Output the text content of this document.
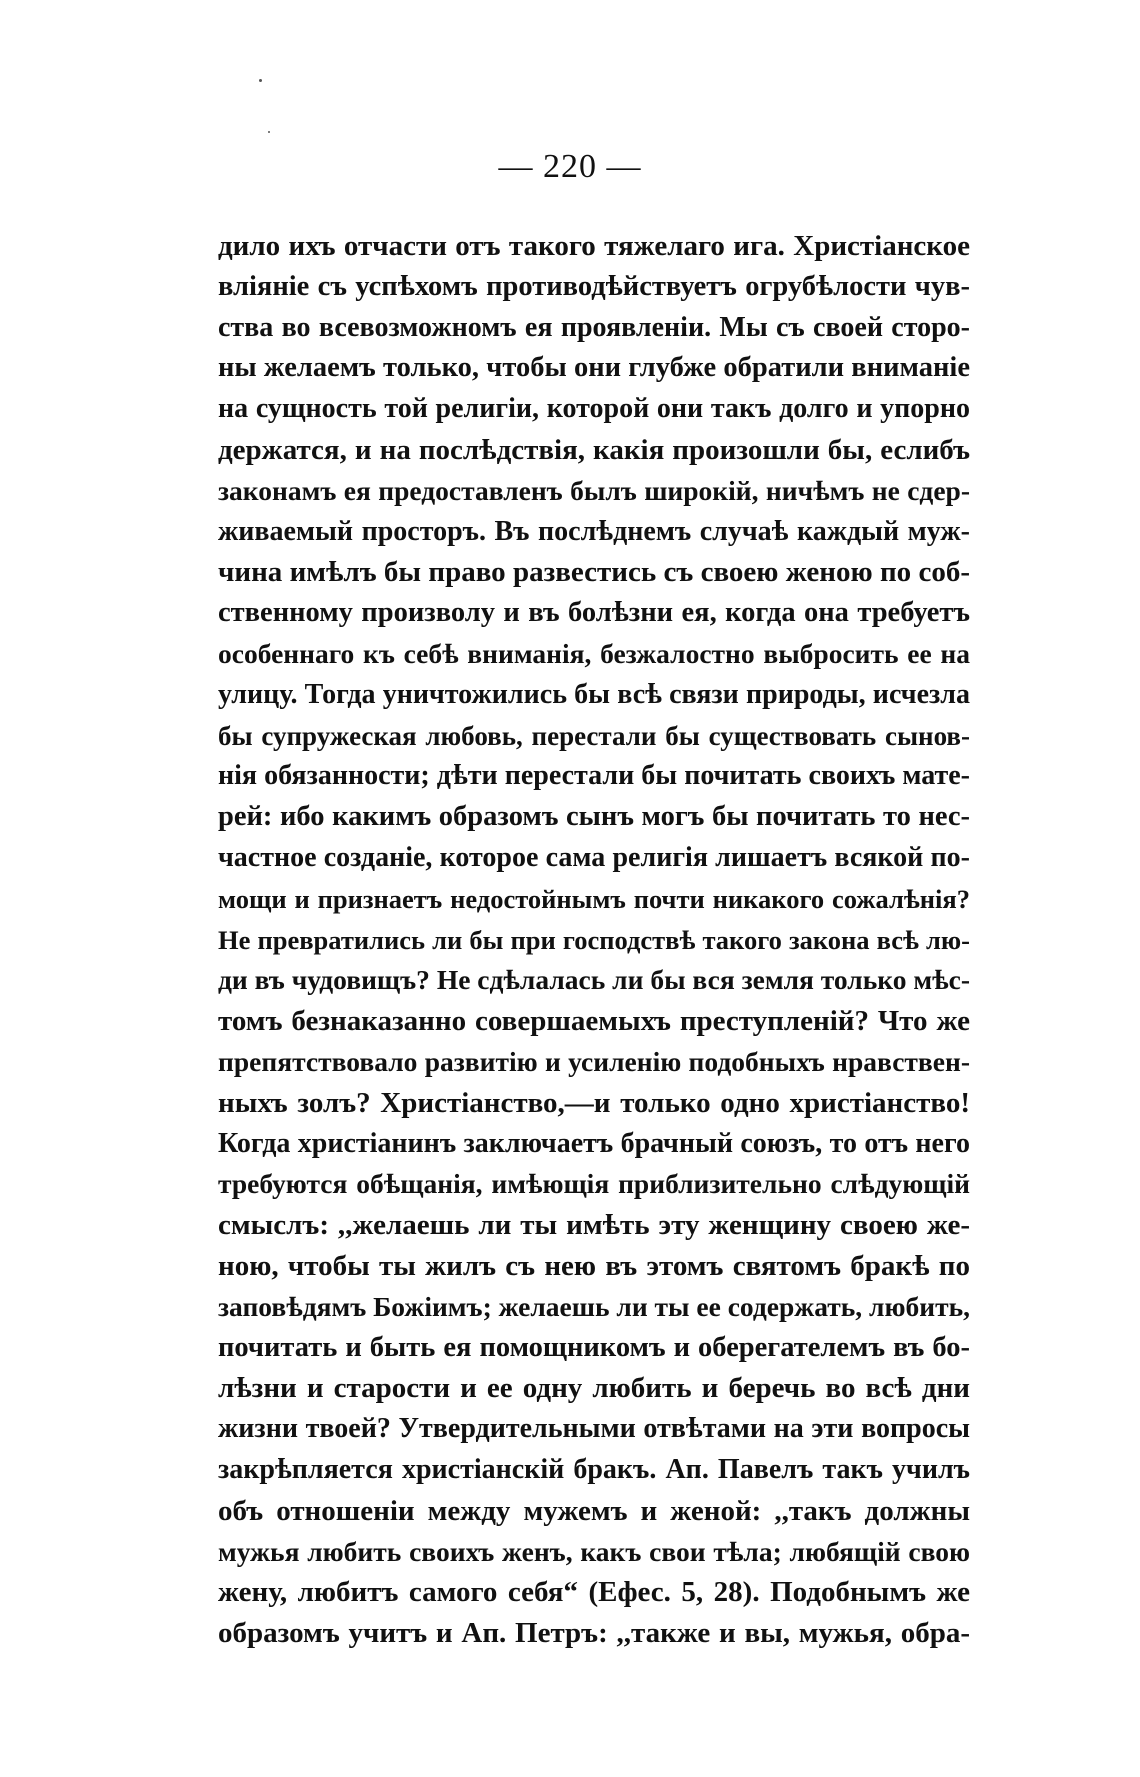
— 220 —
дило ихъ отчасти отъ такого тяжелаго ига. Христіанское
вліяніе съ успѣхомъ противодѣйствуетъ огрубѣлости чув-
ства во всевозможномъ ея проявленіи. Мы съ своей сторо-
ны желаемъ только, чтобы они глубже обратили вниманіе
на сущность той религіи, которой они такъ долго и упорно
держатся, и на послѣдствія, какія произошли бы, еслибъ
законамъ ея предоставленъ былъ широкій, ничѣмъ не сдер-
живаемый просторъ. Въ послѣднемъ случаѣ каждый муж-
чина имѣлъ бы право развестись съ своею женою по соб-
ственному произволу и въ болѣзни ея, когда она требуетъ
особеннаго къ себѣ вниманія, безжалостно выбросить ее на
улицу. Тогда уничтожились бы всѣ связи природы, исчезла
бы супружеская любовь, перестали бы существовать сынов-
нія обязанности; дѣти перестали бы почитать своихъ мате-
рей: ибо какимъ образомъ сынъ могъ бы почитать то нес-
частное созданіе, которое сама религія лишаетъ всякой по-
мощи и признаетъ недостойнымъ почти никакого сожалѣнія?
Не превратились ли бы при господствѣ такого закона всѣ лю-
ди въ чудовищъ? Не сдѣлалась ли бы вся земля только мѣс-
томъ безнаказанно совершаемыхъ преступленій? Что же
препятствовало развитію и усиленію подобныхъ нравствен-
ныхъ золъ? Христіанство,—и только одно христіанство!
Когда христіанинъ заключаетъ брачный союзъ, то отъ него
требуются обѣщанія, имѣющія приблизительно слѣдующій
смыслъ: ,,желаешь ли ты имѣть эту женщину своею же-
ною, чтобы ты жилъ съ нею въ этомъ святомъ бракѣ по
заповѣдямъ Божіимъ; желаешь ли ты ее содержать, любить,
почитать и быть ея помощникомъ и оберегателемъ въ бо-
лѣзни и старости и ее одну любить и беречь во всѣ дни
жизни твоей? Утвердительными отвѣтами на эти вопросы
закрѣпляется христіанскій бракъ. Ап. Павелъ такъ училъ
объ отношеніи между мужемъ и женой: ,,такъ должны
мужья любить своихъ женъ, какъ свои тѣла; любящій свою
жену, любитъ самого себя“ (Ефес. 5, 28). Подобнымъ же
образомъ учитъ и Ап. Петръ: ,,также и вы, мужья, обра-
